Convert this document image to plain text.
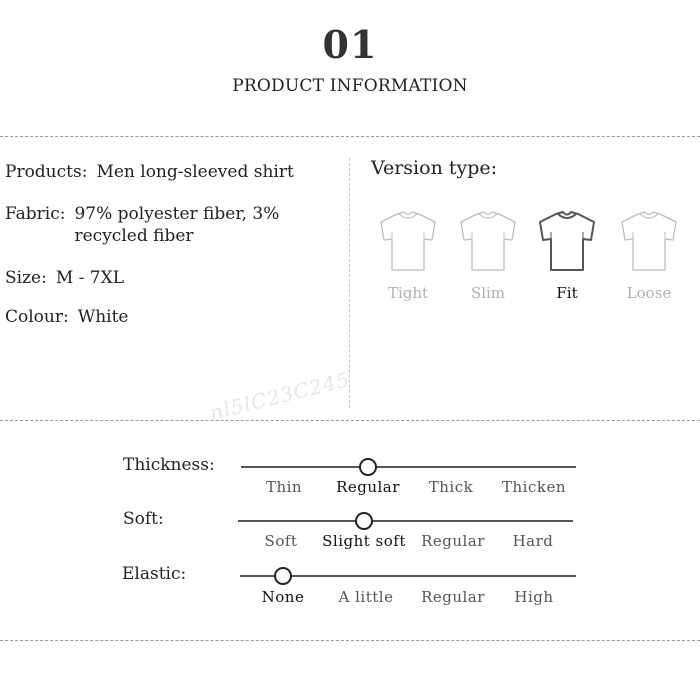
01
PRODUCT INFORMATION
Products: Men long-sleeved shirt
Fabric: 97% polyester fiber, 3% recycled fiber
Size: M - 7XL
Colour: White
Version type:
Tight	Slim	Fit	Loose
nl5lC23C245
Thickness:
Thin	Regular	Thick	Thicken
Soft:
Soft	Slight soft	Regular	Hard
Elastic:
None	A little	Regular	High
